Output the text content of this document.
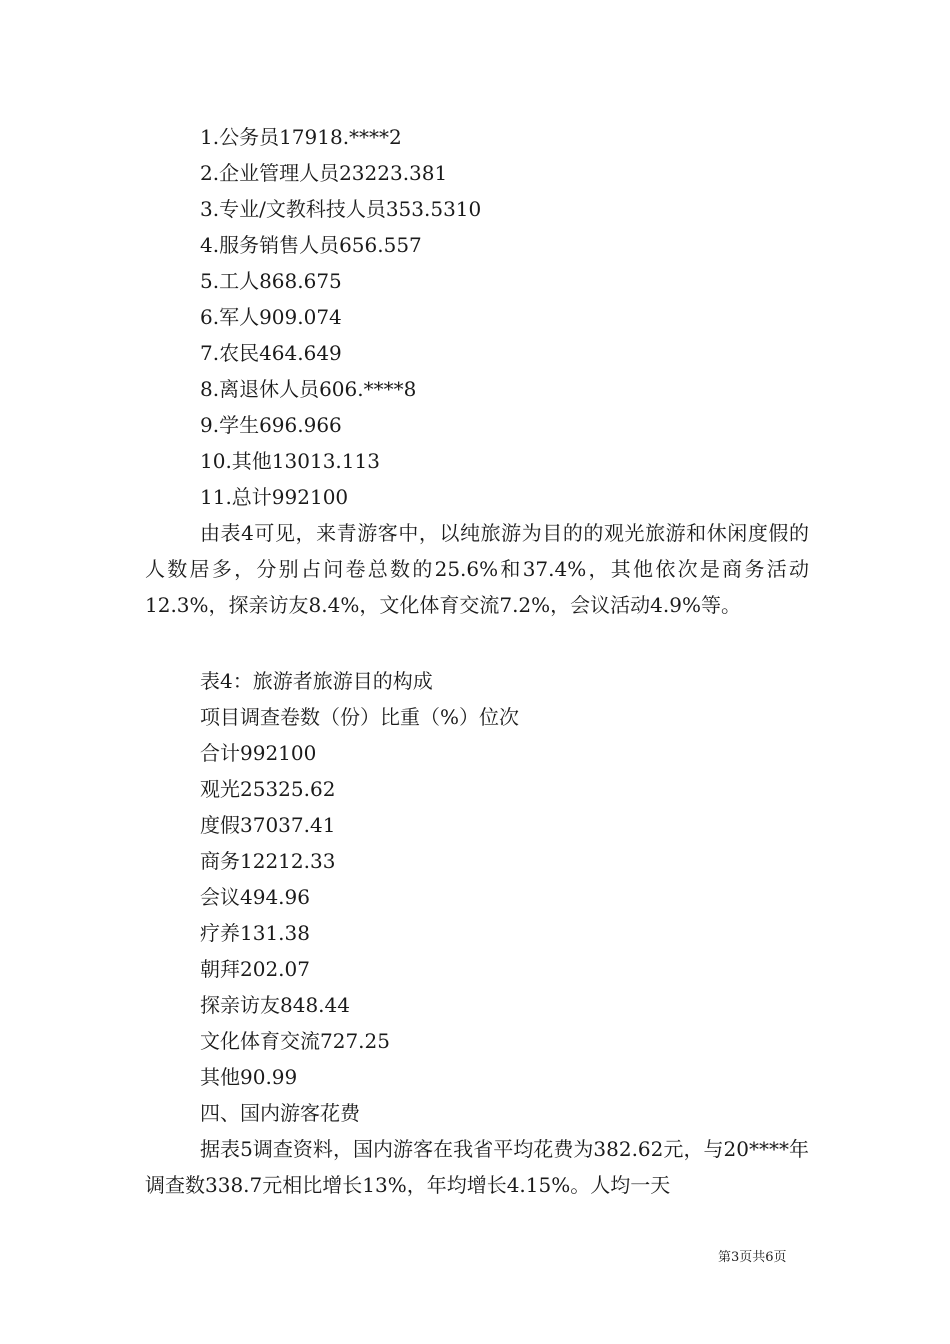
1.公务员17918.****2
2.企业管理人员23223.381
3.专业/文教科技人员353.5310
4.服务销售人员656.557
5.工人868.675
6.军人909.074
7.农民464.649
8.离退休人员606.****8
9.学生696.966
10.其他13013.113
11.总计992100

由表4可见，来青游客中，以纯旅游为目的的观光旅游和休闲度假的人数居多，分别占问卷总数的25.6%和37.4%，其他依次是商务活动12.3%，探亲访友8.4%，文化体育交流7.2%，会议活动4.9%等。

表4：旅游者旅游目的构成
项目调查卷数（份）比重（%）位次
合计992100
观光25325.62
度假37037.41
商务12212.33
会议494.96
疗养131.38
朝拜202.07
探亲访友848.44
文化体育交流727.25
其他90.99
四、国内游客花费

据表5调查资料，国内游客在我省平均花费为382.62元，与20****年调查数338.7元相比增长13%，年均增长4.15%。人均一天

第3页共6页
